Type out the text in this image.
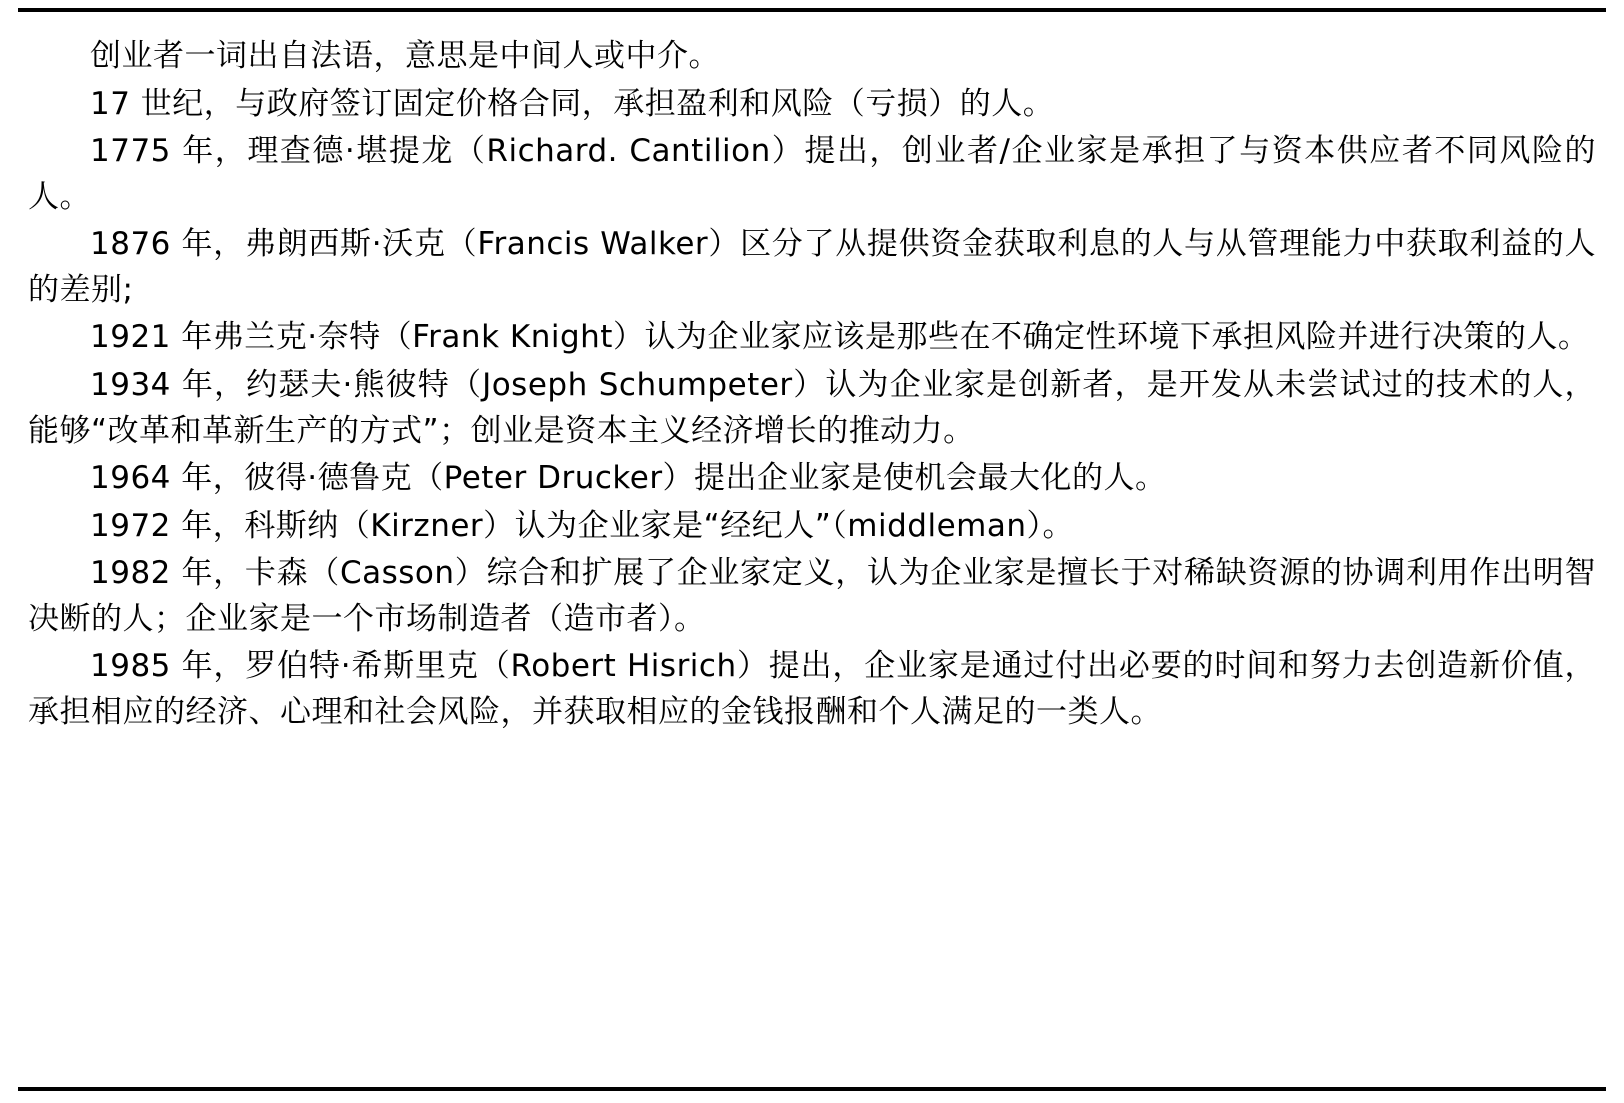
创业者一词出自法语，意思是中间人或中介。

17 世纪，与政府签订固定价格合同，承担盈利和风险（亏损）的人。

1775 年，理查德·堪提龙（Richard. Cantilion）提出，创业者/企业家是承担了与资本供应者不同风险的人。

1876 年，弗朗西斯·沃克（Francis Walker）区分了从提供资金获取利息的人与从管理能力中获取利益的人的差别;

1921 年弗兰克·奈特（Frank Knight）认为企业家应该是那些在不确定性环境下承担风险并进行决策的人。

1934 年，约瑟夫·熊彼特（Joseph Schumpeter）认为企业家是创新者，是开发从未尝试过的技术的人，能够“改革和革新生产的方式”；创业是资本主义经济增长的推动力。

1964 年，彼得·德鲁克（Peter Drucker）提出企业家是使机会最大化的人。

1972 年，科斯纳（Kirzner）认为企业家是“经纪人”（middleman）。

1982 年，卡森（Casson）综合和扩展了企业家定义，认为企业家是擅长于对稀缺资源的协调利用作出明智决断的人；企业家是一个市场制造者（造市者）。

1985 年，罗伯特·希斯里克（Robert Hisrich）提出，企业家是通过付出必要的时间和努力去创造新价值，承担相应的经济、心理和社会风险，并获取相应的金钱报酬和个人满足的一类人。
